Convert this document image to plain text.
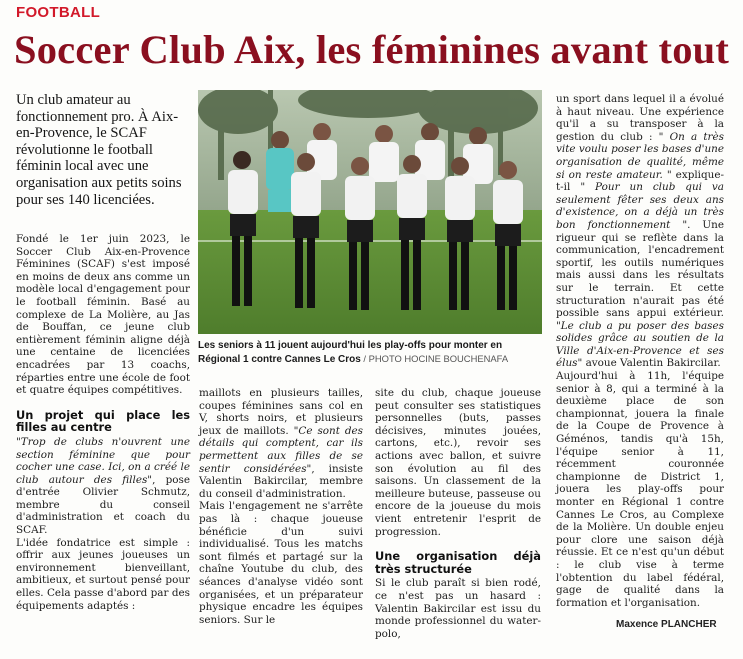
FOOTBALL
Soccer Club Aix, les féminines avant tout
Un club amateur au fonctionnement pro. À Aix-en-Provence, le SCAF révolutionne le football féminin local avec une organisation aux petits soins pour ses 140 licenciées.

Fondé le 1er juin 2023, le Soccer Club Aix-en-Provence Féminines (SCAF) s'est imposé en moins de deux ans comme un modèle local d'engagement pour le football féminin. Basé au complexe de La Molière, au Jas de Bouffan, ce jeune club entièrement féminin aligne déjà une centaine de licenciées encadrées par 13 coachs, réparties entre une école de foot et quatre équipes compétitives.

Un projet qui place les filles au centre

"Trop de clubs n'ouvrent une section féminine que pour cocher une case. Ici, on a créé le club autour des filles", pose d'entrée Olivier Schmutz, membre du conseil d'administration et coach du SCAF.

L'idée fondatrice est simple : offrir aux jeunes joueuses un environnement bienveillant, ambitieux, et surtout pensé pour elles. Cela passe d'abord par des équipements adaptés :

Les seniors à 11 jouent aujourd'hui les play-offs pour monter en Régional 1 contre Cannes Le Cros / PHOTO HOCINE BOUCHENAFA

maillots en plusieurs tailles, coupes féminines sans col en V, shorts noirs, et plusieurs jeux de maillots. "Ce sont des détails qui comptent, car ils permettent aux filles de se sentir considérées", insiste Valentin Bakircilar, membre du conseil d'administration.

Mais l'engagement ne s'arrête pas là : chaque joueuse bénéficie d'un suivi individualisé. Tous les matchs sont filmés et partagé sur la chaîne Youtube du club, des séances d'analyse vidéo sont organisées, et un préparateur physique encadre les équipes seniors. Sur le

site du club, chaque joueuse peut consulter ses statistiques personnelles (buts, passes décisives, minutes jouées, cartons, etc.), revoir ses actions avec ballon, et suivre son évolution au fil des saisons. Un classement de la meilleure buteuse, passeuse ou encore de la joueuse du mois vient entretenir l'esprit de progression.

Une organisation déjà très structurée

Si le club paraît si bien rodé, ce n'est pas un hasard : Valentin Bakircilar est issu du monde professionnel du water-polo,

un sport dans lequel il a évolué à haut niveau. Une expérience qu'il a su transposer à la gestion du club : " On a très vite voulu poser les bases d'une organisation de qualité, même si on reste amateur. " explique-t-il " Pour un club qui va seulement fêter ses deux ans d'existence, on a déjà un très bon fonctionnement ". Une rigueur qui se reflète dans la communication, l'encadrement sportif, les outils numériques mais aussi dans les résultats sur le terrain. Et cette structuration n'aurait pas été possible sans appui extérieur. "Le club a pu poser des bases solides grâce au soutien de la Ville d'Aix-en-Provence et ses élus" avoue Valentin Bakircilar.

Aujourd'hui à 11h, l'équipe senior à 8, qui a terminé à la deuxième place de son championnat, jouera la finale de la Coupe de Provence à Géménos, tandis qu'à 15h, l'équipe senior à 11, récemment couronnée championne de District 1, jouera les play-offs pour monter en Régional 1 contre Cannes Le Cros, au Complexe de la Molière. Un double enjeu pour clore une saison déjà réussie. Et ce n'est qu'un début : le club vise à terme l'obtention du label fédéral, gage de qualité dans la formation et l'organisation.

Maxence PLANCHER
